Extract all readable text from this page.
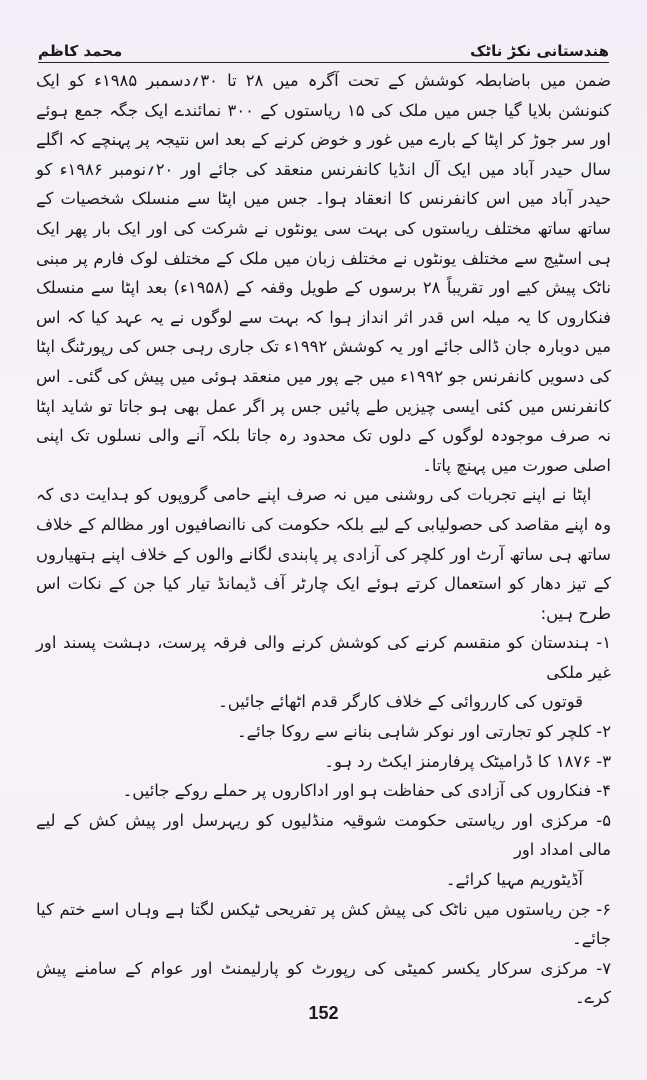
هندستانی نکڑ ناٹک
محمد کاظم

ضمن میں باضابطہ کوشش کے تحت آگرہ میں ۲۸ تا ۳۰؍دسمبر ۱۹۸۵ء کو ایک کنونشن بلایا گیا جس میں ملک کی ۱۵ ریاستوں کے ۳۰۰ نمائندے ایک جگہ جمع ہوئے اور سر جوڑ کر اپٹا کے بارے میں غور و خوض کرنے کے بعد اس نتیجہ پر پہنچے کہ اگلے سال حیدر آباد میں ایک آل انڈیا کانفرنس منعقد کی جائے اور ۲۰؍نومبر ۱۹۸۶ء کو حیدر آباد میں اس کانفرنس کا انعقاد ہوا۔ جس میں اپٹا سے منسلک شخصیات کے ساتھ ساتھ مختلف ریاستوں کی بہت سی یونٹوں نے شرکت کی اور ایک بار پھر ایک ہی اسٹیج سے مختلف یونٹوں نے مختلف زبان میں ملک کے مختلف لوک فارم پر مبنی ناٹک پیش کیے اور تقریباً ۲۸ برسوں کے طویل وقفہ کے (۱۹۵۸ء) بعد اپٹا سے منسلک فنکاروں کا یہ میلہ اس قدر اثر انداز ہوا کہ بہت سے لوگوں نے یہ عہد کیا کہ اس میں دوبارہ جان ڈالی جائے اور یہ کوشش ۱۹۹۲ء تک جاری رہی جس کی رپورٹنگ اپٹا کی دسویں کانفرنس جو ۱۹۹۲ء میں جے پور میں منعقد ہوئی میں پیش کی گئی۔ اس کانفرنس میں کئی ایسی چیزیں طے پائیں جس پر اگر عمل بھی ہو جاتا تو شاید اپٹا نہ صرف موجودہ لوگوں کے دلوں تک محدود رہ جاتا بلکہ آنے والی نسلوں تک اپنی اصلی صورت میں پہنچ پاتا۔

اپٹا نے اپنے تجربات کی روشنی میں نہ صرف اپنے حامی گروپوں کو ہدایت دی کہ وہ اپنے مقاصد کی حصولیابی کے لیے بلکہ حکومت کی ناانصافیوں اور مظالم کے خلاف ساتھ ہی ساتھ آرٹ اور کلچر کی آزادی پر پابندی لگانے والوں کے خلاف اپنے ہتھیاروں کے تیز دھار کو استعمال کرتے ہوئے ایک چارٹر آف ڈیمانڈ تیار کیا جن کے نکات اس طرح ہیں:

۱- ہندستان کو منقسم کرنے کی کوشش کرنے والی فرقہ پرست، دہشت پسند اور غیر ملکی
قوتوں کی کارروائی کے خلاف کارگر قدم اٹھائے جائیں۔
۲- کلچر کو تجارتی اور نوکر شاہی بنانے سے روکا جائے۔
۳- ۱۸۷۶ کا ڈرامیٹک پرفارمنز ایکٹ رد ہو۔
۴- فنکاروں کی آزادی کی حفاظت ہو اور اداکاروں پر حملے روکے جائیں۔
۵- مرکزی اور ریاستی حکومت شوقیہ منڈلیوں کو ریہرسل اور پیش کش کے لیے مالی امداد اور
آڈیٹوریم مہیا کرائے۔
۶- جن ریاستوں میں ناٹک کی پیش کش پر تفریحی ٹیکس لگتا ہے وہاں اسے ختم کیا جائے۔
۷- مرکزی سرکار یکسر کمیٹی کی رپورٹ کو پارلیمنٹ اور عوام کے سامنے پیش کرے۔
152
